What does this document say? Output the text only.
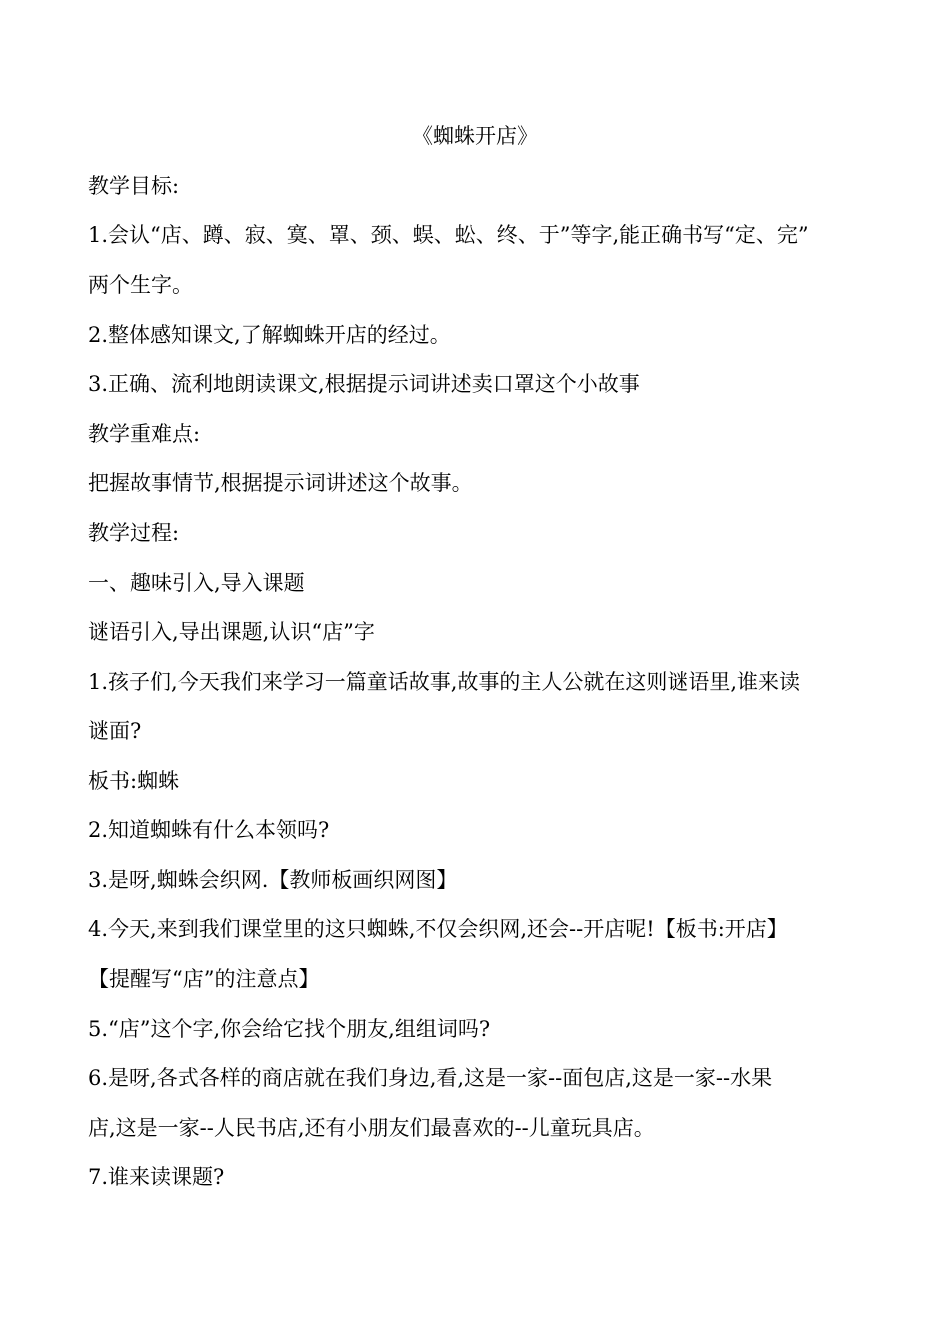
《蜘蛛开店》

教学目标:

1.会认“店、蹲、寂、寞、罩、颈、蜈、蚣、终、于”等字,能正确书写“定、完”

两个生字。

2.整体感知课文,了解蜘蛛开店的经过。

3.正确、流利地朗读课文,根据提示词讲述卖口罩这个小故事

教学重难点:

把握故事情节,根据提示词讲述这个故事。

教学过程:

一、趣味引入,导入课题

谜语引入,导出课题,认识“店”字

1.孩子们,今天我们来学习一篇童话故事,故事的主人公就在这则谜语里,谁来读

谜面?

板书:蜘蛛

2.知道蜘蛛有什么本领吗?

3.是呀,蜘蛛会织网.【教师板画织网图】

4.今天,来到我们课堂里的这只蜘蛛,不仅会织网,还会--开店呢!【板书:开店】

【提醒写“店”的注意点】

5.“店”这个字,你会给它找个朋友,组组词吗?

6.是呀,各式各样的商店就在我们身边,看,这是一家--面包店,这是一家--水果

店,这是一家--人民书店,还有小朋友们最喜欢的--儿童玩具店。

7.谁来读课题?
